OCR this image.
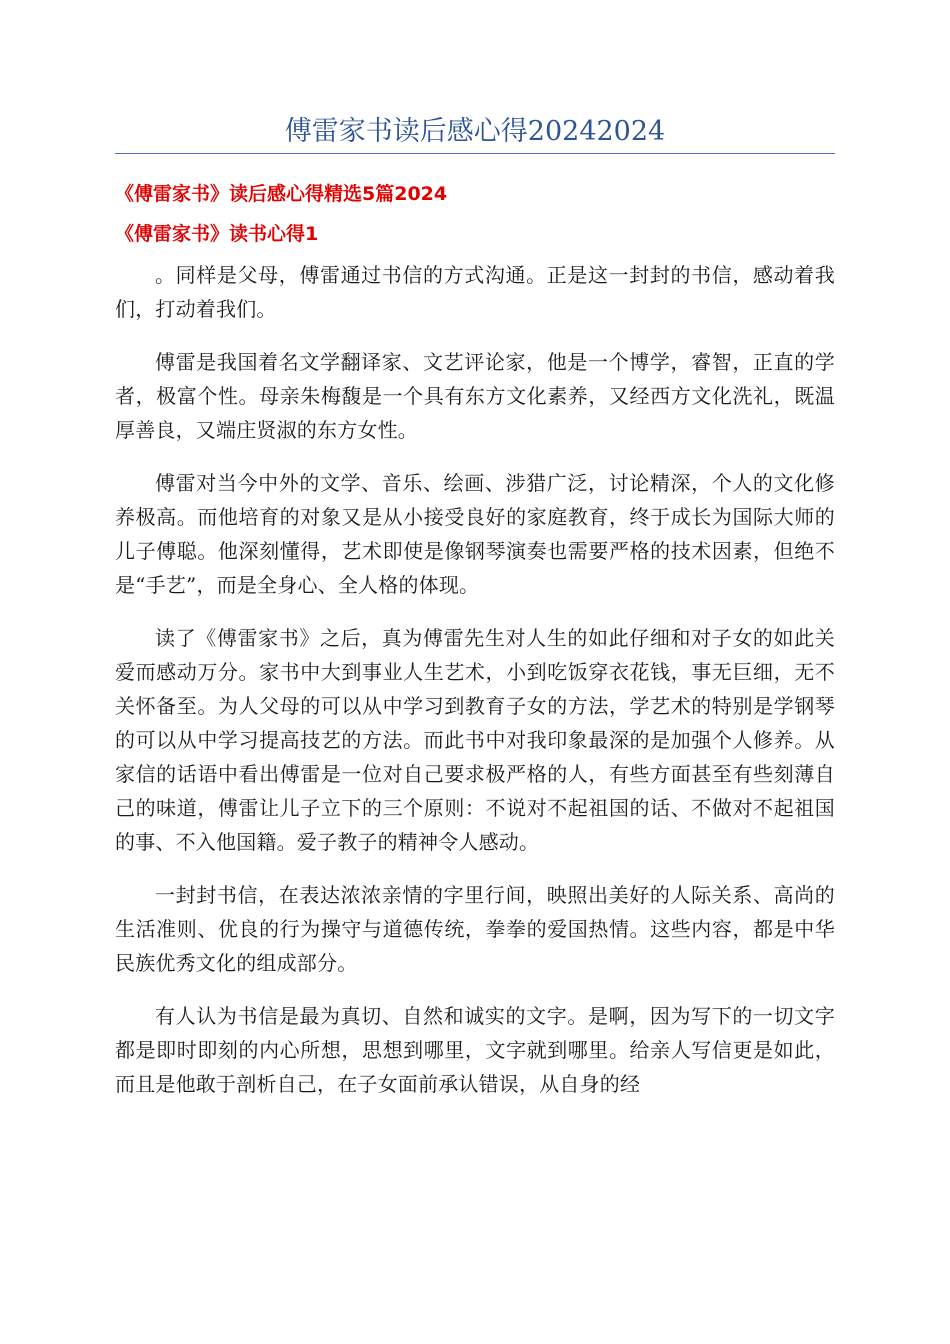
傅雷家书读后感心得20242024
《傅雷家书》读后感心得精选5篇2024
《傅雷家书》读书心得1

。同样是父母，傅雷通过书信的方式沟通。正是这一封封的书信，感动着我们，打动着我们。

傅雷是我国着名文学翻译家、文艺评论家，他是一个博学，睿智，正直的学者，极富个性。母亲朱梅馥是一个具有东方文化素养，又经西方文化洗礼，既温厚善良，又端庄贤淑的东方女性。

傅雷对当今中外的文学、音乐、绘画、涉猎广泛，讨论精深，个人的文化修养极高。而他培育的对象又是从小接受良好的家庭教育，终于成长为国际大师的儿子傅聪。他深刻懂得，艺术即使是像钢琴演奏也需要严格的技术因素，但绝不是“手艺”，而是全身心、全人格的体现。

读了《傅雷家书》之后，真为傅雷先生对人生的如此仔细和对子女的如此关爱而感动万分。家书中大到事业人生艺术，小到吃饭穿衣花钱，事无巨细，无不关怀备至。为人父母的可以从中学习到教育子女的方法，学艺术的特别是学钢琴的可以从中学习提高技艺的方法。而此书中对我印象最深的是加强个人修养。从家信的话语中看出傅雷是一位对自己要求极严格的人，有些方面甚至有些刻薄自己的味道，傅雷让儿子立下的三个原则：不说对不起祖国的话、不做对不起祖国的事、不入他国籍。爱子教子的精神令人感动。

一封封书信，在表达浓浓亲情的字里行间，映照出美好的人际关系、高尚的生活准则、优良的行为操守与道德传统，拳拳的爱国热情。这些内容，都是中华民族优秀文化的组成部分。

有人认为书信是最为真切、自然和诚实的文字。是啊，因为写下的一切文字都是即时即刻的内心所想，思想到哪里，文字就到哪里。给亲人写信更是如此，而且是他敢于剖析自己，在子女面前承认错误，从自身的经
